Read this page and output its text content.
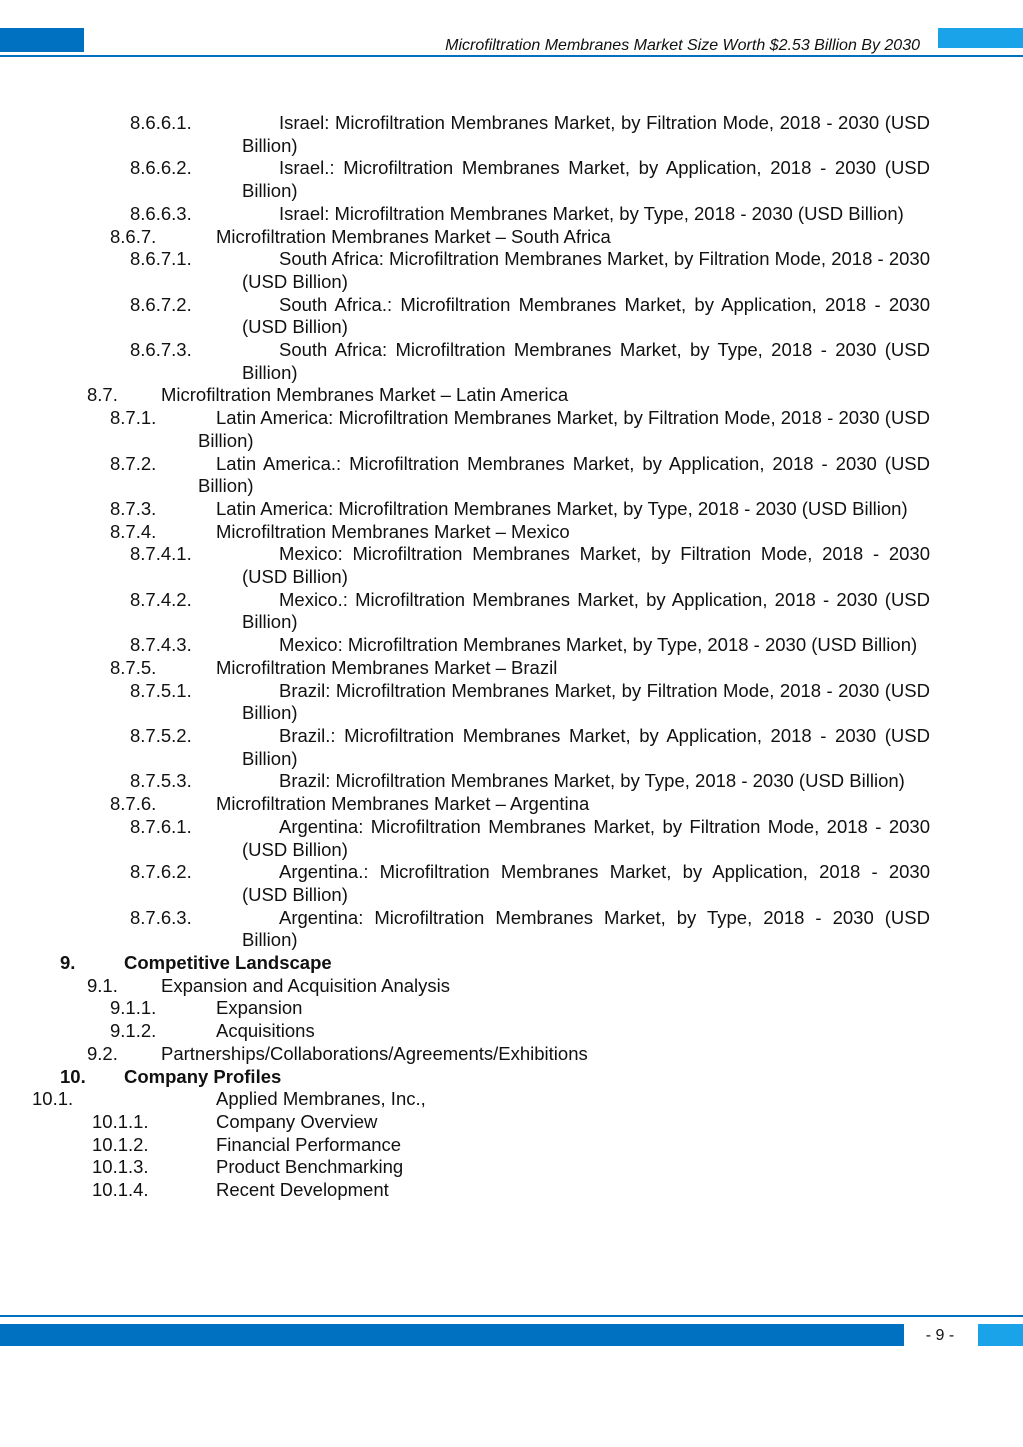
Microfiltration Membranes Market Size Worth $2.53 Billion By 2030
8.6.6.1.	Israel: Microfiltration Membranes Market, by Filtration Mode, 2018 - 2030 (USD Billion)
8.6.6.2.	Israel.: Microfiltration Membranes Market, by Application, 2018 - 2030 (USD Billion)
8.6.6.3.	Israel: Microfiltration Membranes Market, by Type, 2018 - 2030 (USD Billion)
8.6.7.	Microfiltration Membranes Market – South Africa
8.6.7.1.	South Africa: Microfiltration Membranes Market, by Filtration Mode, 2018 - 2030 (USD Billion)
8.6.7.2.	South Africa.: Microfiltration Membranes Market, by Application, 2018 - 2030 (USD Billion)
8.6.7.3.	South Africa: Microfiltration Membranes Market, by Type, 2018 - 2030 (USD Billion)
8.7. Microfiltration Membranes Market – Latin America
8.7.1.	Latin America: Microfiltration Membranes Market, by Filtration Mode, 2018 - 2030 (USD Billion)
8.7.2.	Latin America.: Microfiltration Membranes Market, by Application, 2018 - 2030 (USD Billion)
8.7.3.	Latin America: Microfiltration Membranes Market, by Type, 2018 - 2030 (USD Billion)
8.7.4.	Microfiltration Membranes Market – Mexico
8.7.4.1.	Mexico: Microfiltration Membranes Market, by Filtration Mode, 2018 - 2030 (USD Billion)
8.7.4.2.	Mexico.: Microfiltration Membranes Market, by Application, 2018 - 2030 (USD Billion)
8.7.4.3.	Mexico: Microfiltration Membranes Market, by Type, 2018 - 2030 (USD Billion)
8.7.5.	Microfiltration Membranes Market – Brazil
8.7.5.1.	Brazil: Microfiltration Membranes Market, by Filtration Mode, 2018 - 2030 (USD Billion)
8.7.5.2.	Brazil.: Microfiltration Membranes Market, by Application, 2018 - 2030 (USD Billion)
8.7.5.3.	Brazil: Microfiltration Membranes Market, by Type, 2018 - 2030 (USD Billion)
8.7.6.	Microfiltration Membranes Market – Argentina
8.7.6.1.	Argentina: Microfiltration Membranes Market, by Filtration Mode, 2018 - 2030 (USD Billion)
8.7.6.2.	Argentina.: Microfiltration Membranes Market, by Application, 2018 - 2030 (USD Billion)
8.7.6.3.	Argentina: Microfiltration Membranes Market, by Type, 2018 - 2030 (USD Billion)
9.	Competitive Landscape
9.1. Expansion and Acquisition Analysis
9.1.1.	Expansion
9.1.2.	Acquisitions
9.2. Partnerships/Collaborations/Agreements/Exhibitions
10. Company Profiles
10.1.	Applied Membranes, Inc.,
10.1.1.	Company Overview
10.1.2.	Financial Performance
10.1.3.	Product Benchmarking
10.1.4.	Recent Development
- 9 -
